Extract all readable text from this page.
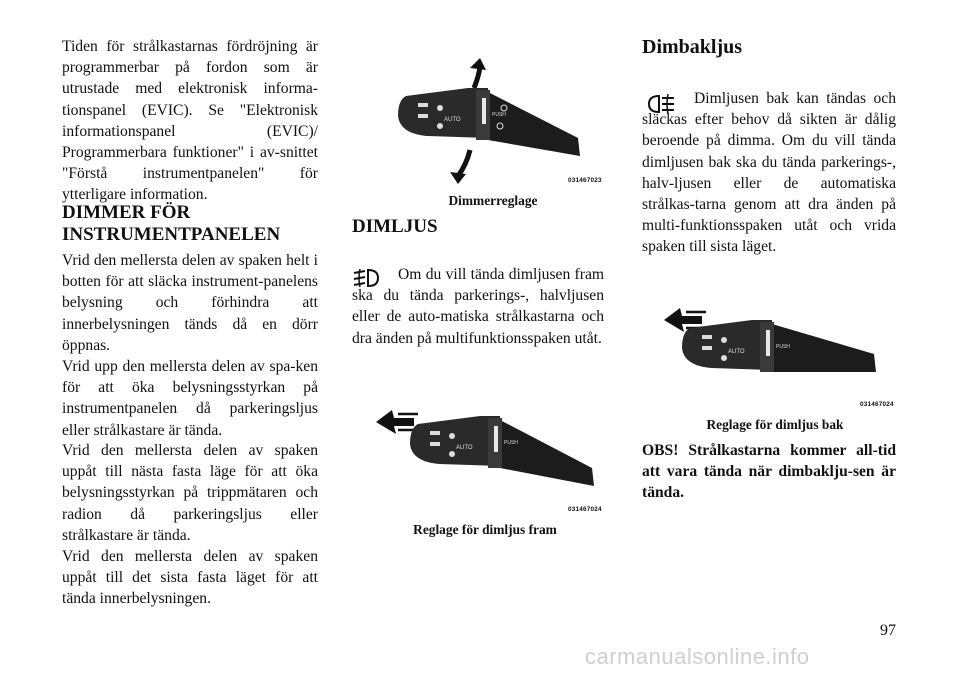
Tiden för strålkastarnas fördröjning är programmerbar på fordon som är utrustade med elektronisk informa-tionspanel (EVIC). Se "Elektronisk informationspanel (EVIC)/ Programmerbara funktioner" i av-snittet "Förstå instrumentpanelen" för ytterligare information.

DIMMER FÖR
INSTRUMENTPANELEN

Vrid den mellersta delen av spaken helt i botten för att släcka instrument-panelens belysning och förhindra att innerbelysningen tänds då en dörr öppnas.

Vrid upp den mellersta delen av spa-ken för att öka belysningsstyrkan på instrumentpanelen då parkeringsljus eller strålkastare är tända.

Vrid den mellersta delen av spaken uppåt till nästa fasta läge för att öka belysningsstyrkan på trippmätaren och radion då parkeringsljus eller strålkastare är tända.

Vrid den mellersta delen av spaken uppåt till det sista fasta läget för att tända innerbelysningen.

AUTO
PUSH
031467023

Dimmerreglage

DIMLJUS

Om du vill tända dimljusen fram ska du tända parkerings-, halvljusen eller de auto-matiska strålkastarna och dra änden på multifunktionsspaken utåt.

AUTO
PUSH
031467024

Reglage för dimljus fram

Dimbakljus

Dimljusen bak kan tändas och släckas efter behov då sikten är dålig beroende på dimma. Om du vill tända dimljusen bak ska du tända parkerings-, halv-ljusen eller de automatiska strålkas-tarna genom att dra änden på multi-funktionsspaken utåt och vrida spaken till sista läget.

AUTO
PUSH
031467024

Reglage för dimljus bak

OBS! Strålkastarna kommer all-tid att vara tända när dimbaklju-sen är tända.

97
carmanualsonline.info
